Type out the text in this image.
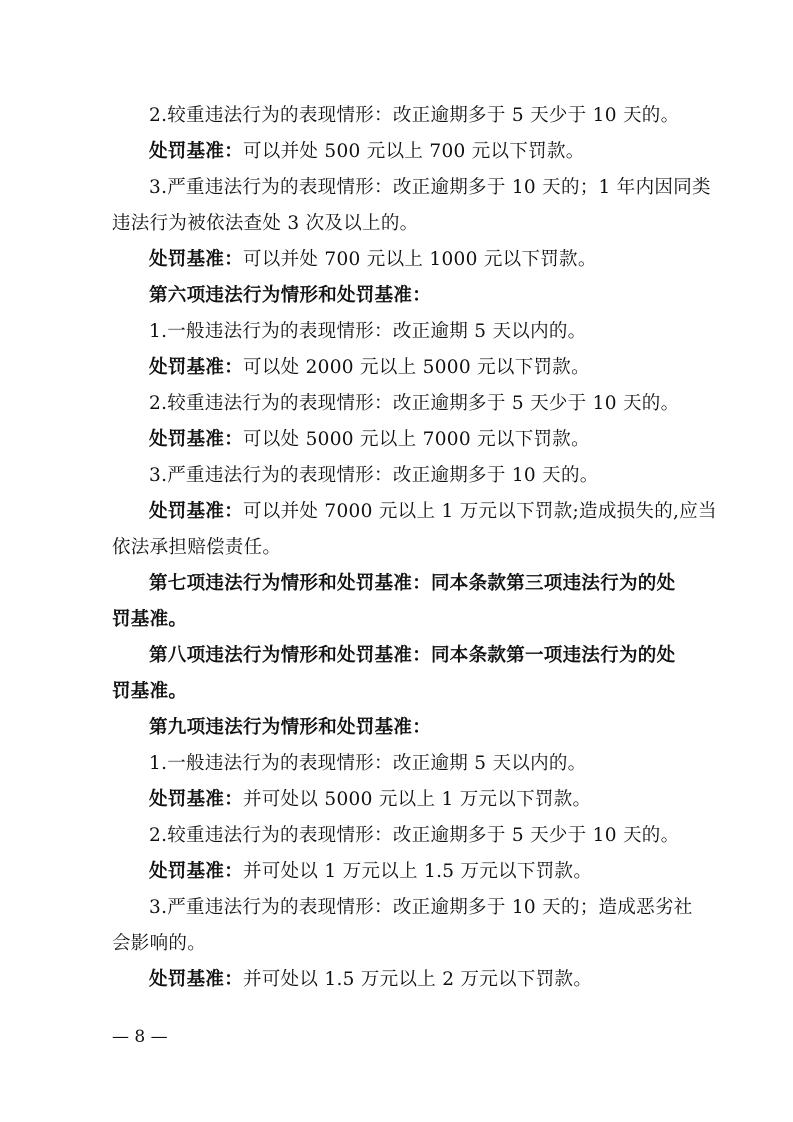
2.较重违法行为的表现情形：改正逾期多于 5 天少于 10 天的。
处罚基准：可以并处 500 元以上 700 元以下罚款。
3.严重违法行为的表现情形：改正逾期多于 10 天的；1 年内因同类
违法行为被依法查处 3 次及以上的。
处罚基准：可以并处 700 元以上 1000 元以下罚款。
第六项违法行为情形和处罚基准：
1.一般违法行为的表现情形：改正逾期 5 天以内的。
处罚基准：可以处 2000 元以上 5000 元以下罚款。
2.较重违法行为的表现情形：改正逾期多于 5 天少于 10 天的。
处罚基准：可以处 5000 元以上 7000 元以下罚款。
3.严重违法行为的表现情形：改正逾期多于 10 天的。
处罚基准：可以并处 7000 元以上 1 万元以下罚款;造成损失的,应当
依法承担赔偿责任。
第七项违法行为情形和处罚基准：同本条款第三项违法行为的处
罚基准。
第八项违法行为情形和处罚基准：同本条款第一项违法行为的处
罚基准。
第九项违法行为情形和处罚基准：
1.一般违法行为的表现情形：改正逾期 5 天以内的。
处罚基准：并可处以 5000 元以上 1 万元以下罚款。
2.较重违法行为的表现情形：改正逾期多于 5 天少于 10 天的。
处罚基准：并可处以 1 万元以上 1.5 万元以下罚款。
3.严重违法行为的表现情形：改正逾期多于 10 天的；造成恶劣社
会影响的。
处罚基准：并可处以 1.5 万元以上 2 万元以下罚款。
— 8 —
